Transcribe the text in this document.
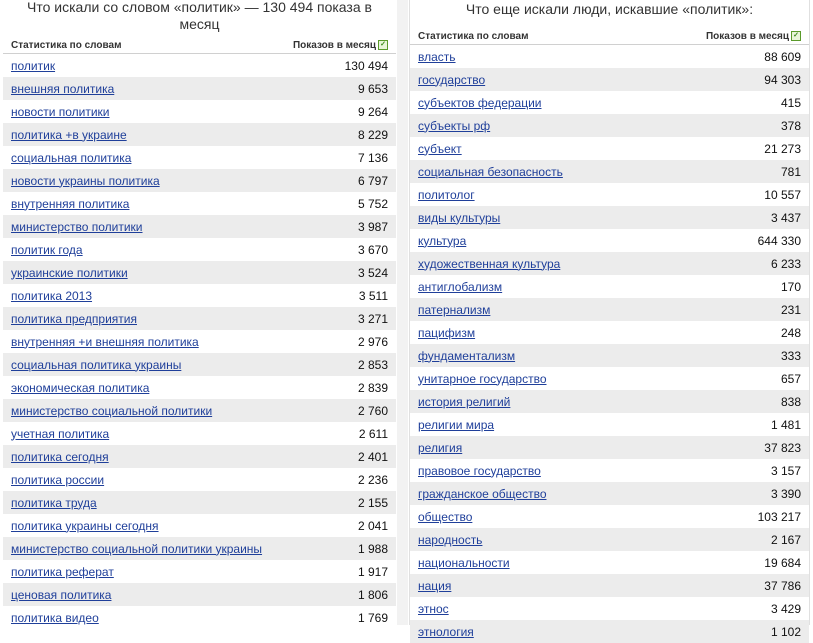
Что искали со словом «политик» — 130 494 показа в месяц
Статистика по словам	Показов в месяц ✓
политик	130 494
внешняя политика	9 653
новости политики	9 264
политика +в украине	8 229
социальная политика	7 136
новости украины политика	6 797
внутренняя политика	5 752
министерство политики	3 987
политик года	3 670
украинские политики	3 524
политика 2013	3 511
политика предприятия	3 271
внутренняя +и внешняя политика	2 976
социальная политика украины	2 853
экономическая политика	2 839
министерство социальной политики	2 760
учетная политика	2 611
политика сегодня	2 401
политика россии	2 236
политика труда	2 155
политика украины сегодня	2 041
министерство социальной политики украины	1 988
политика реферат	1 917
ценовая политика	1 806
политика видео	1 769
Что еще искали люди, искавшие «политик»:
Статистика по словам	Показов в месяц ✓
власть	88 609
государство	94 303
субъектов федерации	415
субъекты рф	378
субъект	21 273
социальная безопасность	781
политолог	10 557
виды культуры	3 437
культура	644 330
художественная культура	6 233
антиглобализм	170
патернализм	231
пацифизм	248
фундаментализм	333
унитарное государство	657
история религий	838
религии мира	1 481
религия	37 823
правовое государство	3 157
гражданское общество	3 390
общество	103 217
народность	2 167
национальности	19 684
нация	37 786
этнос	3 429
этнология	1 102
